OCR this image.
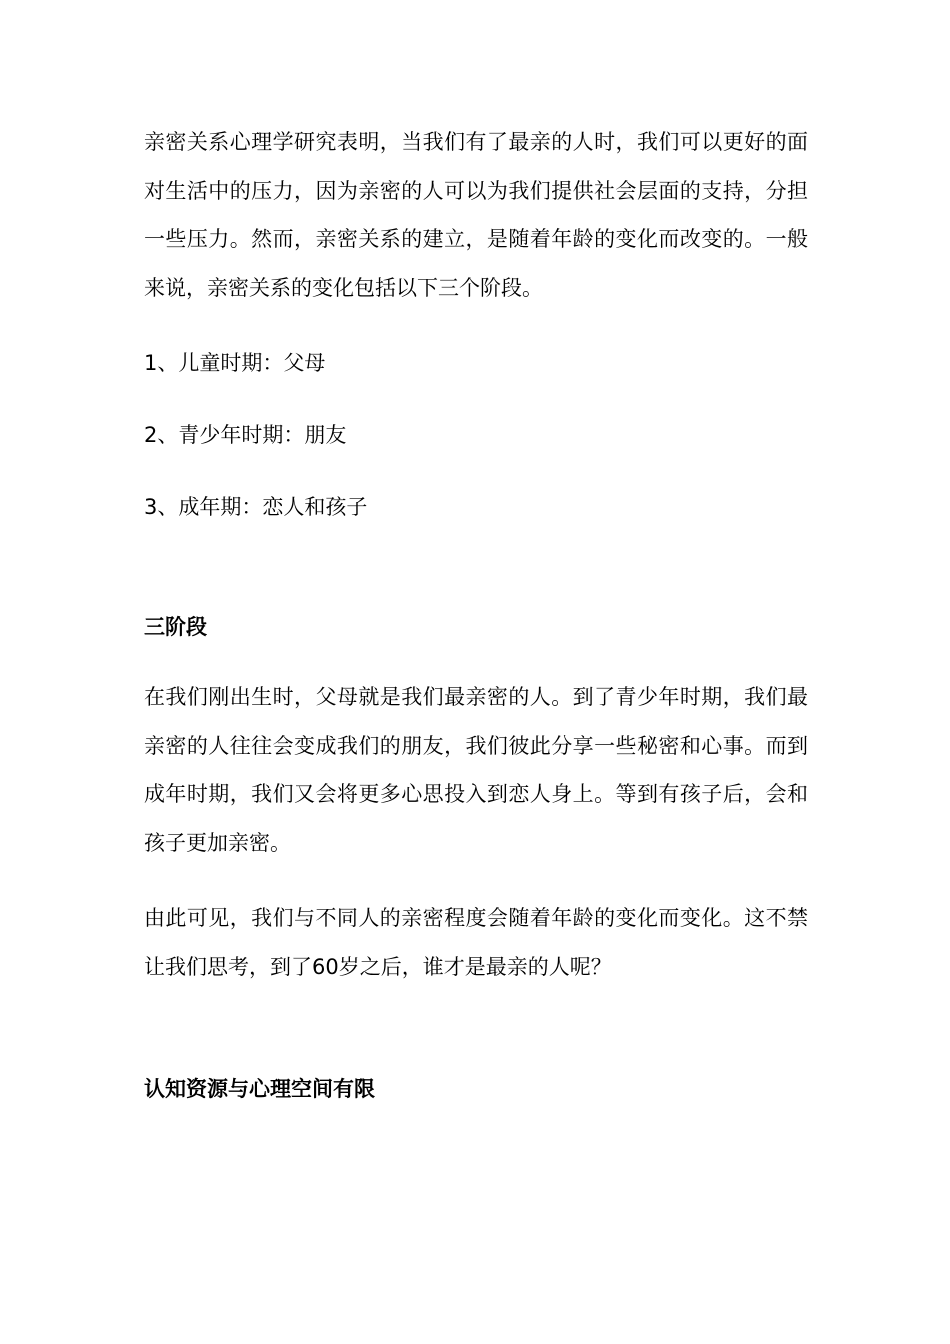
亲密关系心理学研究表明，当我们有了最亲的人时，我们可以更好的面对生活中的压力，因为亲密的人可以为我们提供社会层面的支持，分担一些压力。然而，亲密关系的建立，是随着年龄的变化而改变的。一般来说，亲密关系的变化包括以下三个阶段。

1、儿童时期：父母

2、青少年时期：朋友

3、成年期：恋人和孩子

三阶段

在我们刚出生时，父母就是我们最亲密的人。到了青少年时期，我们最亲密的人往往会变成我们的朋友，我们彼此分享一些秘密和心事。而到成年时期，我们又会将更多心思投入到恋人身上。等到有孩子后，会和孩子更加亲密。

由此可见，我们与不同人的亲密程度会随着年龄的变化而变化。这不禁让我们思考，到了60岁之后，谁才是最亲的人呢？

认知资源与心理空间有限
